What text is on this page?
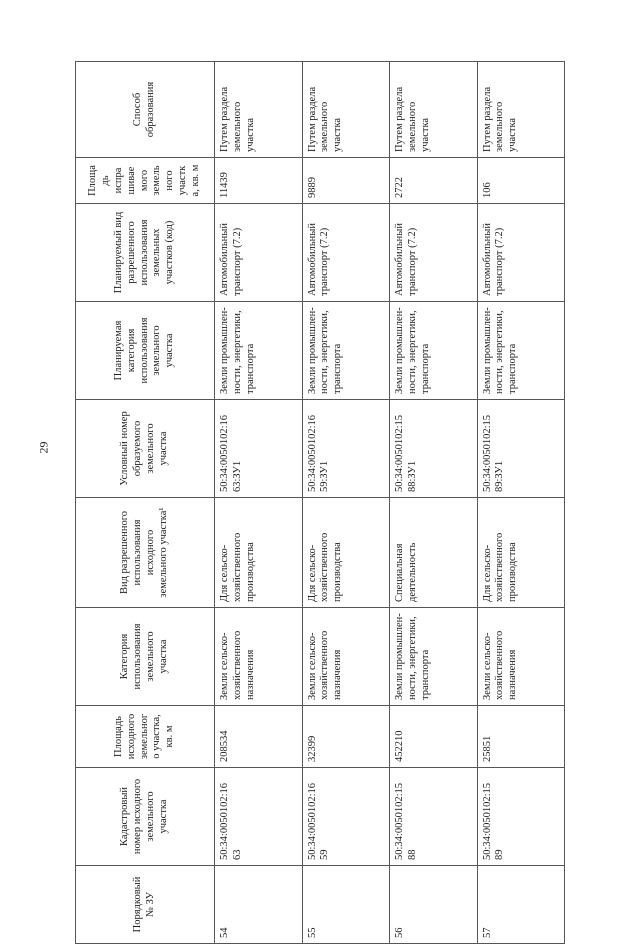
29
Порядковый № ЗУ	Кадастровый номер исходного земельного участка	Площадь исходного земельного участка, кв. м	Категория использования земельного участка	Вид разрешенного использования исходного земельного участка¹	Условный номер образуемого земельного участка	Планируемая категория использования земельного участка	Планируемый вид разрешенного использования земельных участков (код)	Площадь испрашиваемого земельного участка, кв. м	Способ образования
54	50:34:0050102:16 63	208534	Земли сельско-хозяйственного назначения	Для сельско-хозяйственного производства	50:34:0050102:16 63:ЗУ1	Земли промышлен-ности, энергетики, транспорта	Автомобильный транспорт (7.2)	11439	Путем раздела земельного участка
55	50:34:0050102:16 59	32399	Земли сельско-хозяйственного назначения	Для сельско-хозяйственного производства	50:34:0050102:16 59:ЗУ1	Земли промышлен-ности, энергетики, транспорта	Автомобильный транспорт (7.2)	9889	Путем раздела земельного участка
56	50:34:0050102:15 88	452210	Земли промышлен-ности, энергетики, транспорта	Специальная деятельность	50:34:0050102:15 88:ЗУ1	Земли промышлен-ности, энергетики, транспорта	Автомобильный транспорт (7.2)	2722	Путем раздела земельного участка
57	50:34:0050102:15 89	25851	Земли сельско-хозяйственного назначения	Для сельско-хозяйственного производства	50:34:0050102:15 89:ЗУ1	Земли промышлен-ности, энергетики, транспорта	Автомобильный транспорт (7.2)	106	Путем раздела земельного участка
